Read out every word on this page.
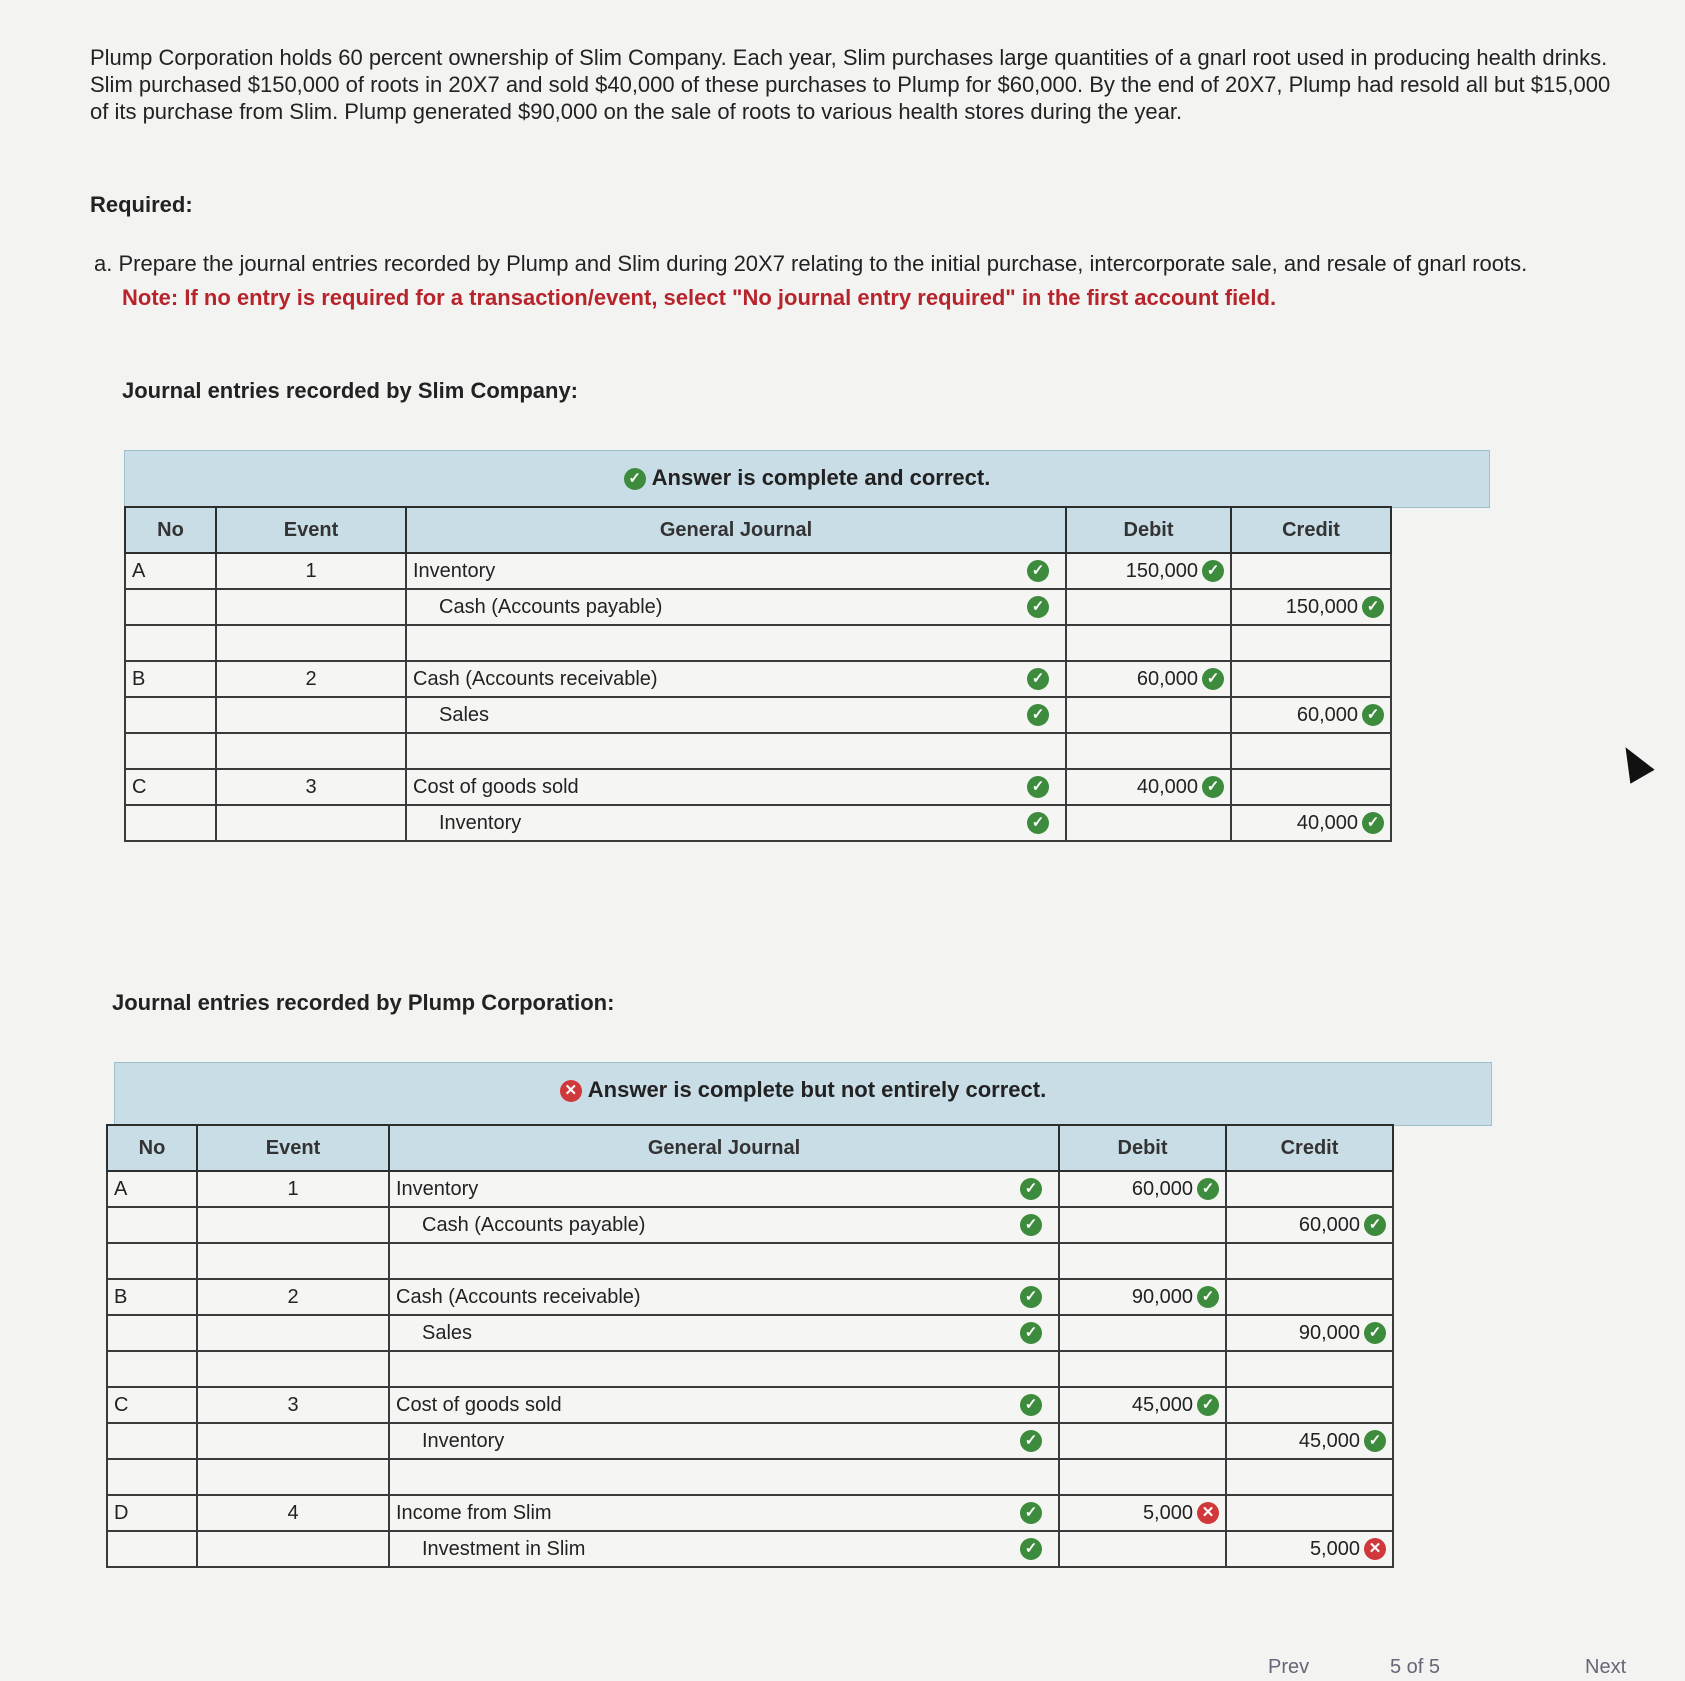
Plump Corporation holds 60 percent ownership of Slim Company. Each year, Slim purchases large quantities of a gnarl root used in producing health drinks. Slim purchased $150,000 of roots in 20X7 and sold $40,000 of these purchases to Plump for $60,000. By the end of 20X7, Plump had resold all but $15,000 of its purchase from Slim. Plump generated $90,000 on the sale of roots to various health stores during the year.
Required:
a. Prepare the journal entries recorded by Plump and Slim during 20X7 relating to the initial purchase, intercorporate sale, and resale of gnarl roots.
Note: If no entry is required for a transaction/event, select "No journal entry required" in the first account field.
Journal entries recorded by Slim Company:
✓ Answer is complete and correct.
No	Event	General Journal	Debit	Credit
A	1	Inventory ✓	150,000 ✓	
		Cash (Accounts payable) ✓		150,000 ✓

B	2	Cash (Accounts receivable) ✓	60,000 ✓	
		Sales ✓		60,000 ✓

C	3	Cost of goods sold ✓	40,000 ✓	
		Inventory ✓		40,000 ✓
Journal entries recorded by Plump Corporation:
✕ Answer is complete but not entirely correct.
No	Event	General Journal	Debit	Credit
A	1	Inventory ✓	60,000 ✓	
		Cash (Accounts payable) ✓		60,000 ✓

B	2	Cash (Accounts receivable) ✓	90,000 ✓	
		Sales ✓		90,000 ✓

C	3	Cost of goods sold ✓	45,000 ✓	
		Inventory ✓		45,000 ✓

D	4	Income from Slim ✓	5,000 ✕	
		Investment in Slim ✓		5,000 ✕
Prev	5 of 5	Next
